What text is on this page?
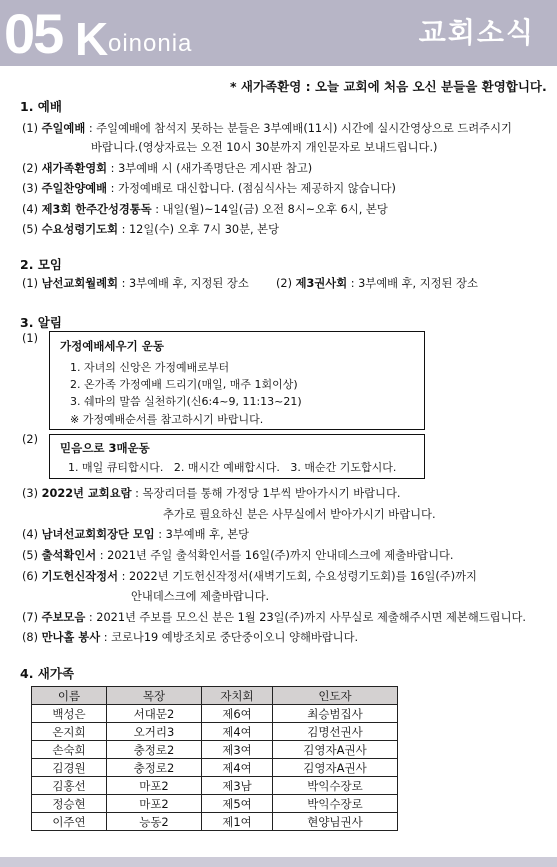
05 K oinonia	교회소식
* 새가족환영 : 오늘 교회에 처음 오신 분들을 환영합니다.
1. 예배
(1) 주일예배 : 주일예배에 참석지 못하는 분들은 3부예배(11시) 시간에 실시간영상으로 드려주시기
바랍니다.(영상자료는 오전 10시 30분까지 개인문자로 보내드립니다.)
(2) 새가족환영회 : 3부예배 시 (새가족명단은 게시판 참고)
(3) 주일찬양예배 : 가정예배로 대신합니다. (점심식사는 제공하지 않습니다)
(4) 제3회 한주간성경통독 : 내일(월)~14일(금) 오전 8시~오후 6시, 본당
(5) 수요성령기도회 : 12일(수) 오후 7시 30분, 본당
2. 모임
(1) 남선교회월례회 : 3부예배 후, 지정된 장소 (2) 제3권사회 : 3부예배 후, 지정된 장소
3. 알림
(1)
가정예배세우기 운동
1. 자녀의 신앙은 가정예배로부터
2. 온가족 가정예배 드리기(매일, 매주 1회이상)
3. 쉐마의 말씀 실천하기(신6:4~9, 11:13~21)
※ 가정예배순서를 참고하시기 바랍니다.
(2)
믿음으로 3매운동
1. 매일 큐티합시다.   2. 매시간 예배합시다.   3. 매순간 기도합시다.
(3) 2022년 교회요람 : 목장리더를 통해 가정당 1부씩 받아가시기 바랍니다.
추가로 필요하신 분은 사무실에서 받아가시기 바랍니다.
(4) 남녀선교회회장단 모임 : 3부예배 후, 본당
(5) 출석확인서 : 2021년 주일 출석확인서를 16일(주)까지 안내데스크에 제출바랍니다.
(6) 기도헌신작정서 : 2022년 기도헌신작정서(새벽기도회, 수요성령기도회)를 16일(주)까지
안내데스크에 제출바랍니다.
(7) 주보모음 : 2021년 주보를 모으신 분은 1월 23일(주)까지 사무실로 제출해주시면 제본해드립니다.
(8) 만나홀 봉사 : 코로나19 예방조치로 중단중이오니 양해바랍니다.
4. 새가족
이름	목장	자치회	인도자
백성은	서대문2	제6여	최승범집사
온지희	오거리3	제4여	김명선권사
손숙희	충정로2	제3여	김영자A권사
김경원	충정로2	제4여	김영자A권사
김홍선	마포2	제3남	박익수장로
정승현	마포2	제5여	박익수장로
이주연	능동2	제1여	현양님권사
